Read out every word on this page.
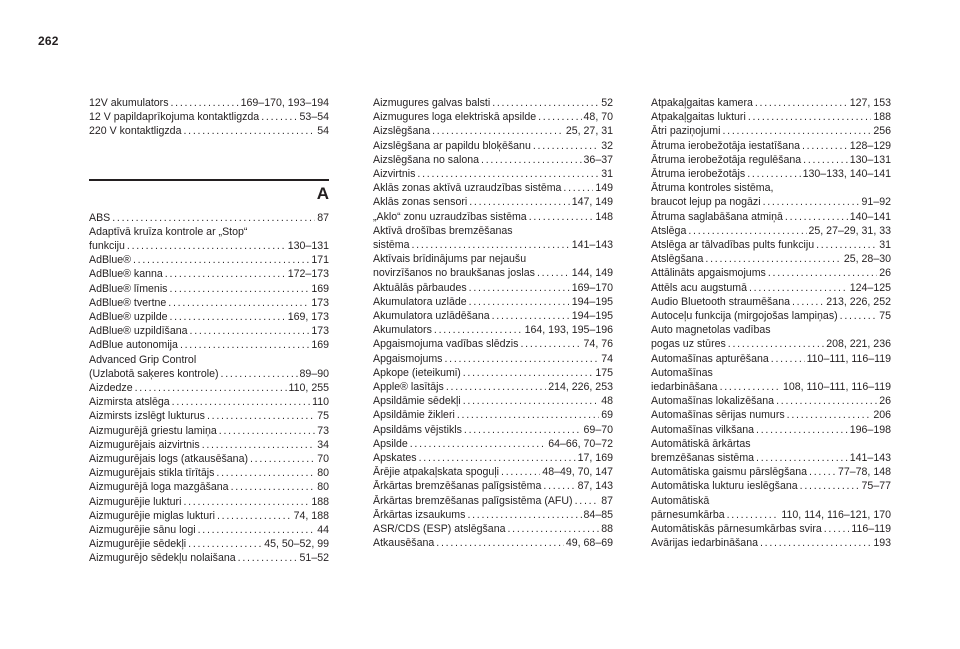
262
12V akumulators . . .	169–170, 193–194
12 V papildaprīkojuma kontaktligzda . . .	53–54
220 V kontaktligzda . . .	54
A
ABS . . .	87
Adaptīvā kruīza kontrole ar „Stop“
funkciju . . .	130–131
AdBlue® . . .	171
AdBlue® kanna . . .	172–173
AdBlue® līmenis . . .	169
AdBlue® tvertne . . .	173
AdBlue® uzpilde . . .	169, 173
AdBlue® uzpildīšana . . .	173
AdBlue autonomija . . .	169
Advanced Grip Control
(Uzlabotā saķeres kontrole) . . .	89–90
Aizdedze . . .	110, 255
Aizmirsta atslēga . . .	110
Aizmirsts izslēgt lukturus . . .	75
Aizmugurējā griestu lamiņa . . .	73
Aizmugurējais aizvirtnis . . .	34
Aizmugurējais logs (atkausēšana) . . .	70
Aizmugurējais stikla tīrītājs . . .	80
Aizmugurējā loga mazgāšana . . .	80
Aizmugurējie lukturi . . .	188
Aizmugurējie miglas lukturi . . .	74, 188
Aizmugurējie sānu logi . . .	44
Aizmugurējie sēdekļi . . .	45, 50–52, 99
Aizmugurējo sēdekļu nolaišana . . .	51–52
Aizmugures galvas balsti . . .	52
Aizmugures loga elektriskā apsilde . . .	48, 70
Aizslēgšana . . .	25, 27, 31
Aizslēgšana ar papildu bloķēšanu . . .	32
Aizslēgšana no salona . . .	36–37
Aizvirtnis . . .	31
Aklās zonas aktīvā uzraudzības sistēma . . .	149
Aklās zonas sensori . . .	147, 149
„Aklo“ zonu uzraudzības sistēma . . .	148
Aktīvā drošības bremzēšanas
sistēma . . .	141–143
Aktīvais brīdinājums par nejaušu
novirzīšanos no braukšanas joslas . . .	144, 149
Aktuālās pārbaudes . . .	169–170
Akumulatora uzlāde . . .	194–195
Akumulatora uzlādēšana . . .	194–195
Akumulators . . .	164, 193, 195–196
Apgaismojuma vadības slēdzis . . .	74, 76
Apgaismojums . . .	74
Apkope (ieteikumi) . . .	175
Apple® lasītājs . . .	214, 226, 253
Apsildāmie sēdekļi . . .	48
Apsildāmie žikleri . . .	69
Apsildāms vējstikls . . .	69–70
Apsilde . . .	64–66, 70–72
Apskates . . .	17, 169
Ārējie atpakaļskata spoguļi . . .	48–49, 70, 147
Ārkārtas bremzēšanas palīgsistēma . . .	87, 143
Ārkārtas bremzēšanas palīgsistēma (AFU) . . .	87
Ārkārtas izsaukums . . .	84–85
ASR/CDS (ESP) atslēgšana . . .	88
Atkausēšana . . .	49, 68–69
Atpakaļgaitas kamera . . .	127, 153
Atpakaļgaitas lukturi . . .	188
Ātri paziņojumi . . .	256
Ātruma ierobežotāja iestatīšana . . .	128–129
Ātruma ierobežotāja regulēšana . . .	130–131
Ātruma ierobežotājs . . .	130–133, 140–141
Ātruma kontroles sistēma,
braucot lejup pa nogāzi . . .	91–92
Ātruma saglabāšana atmiņā . . .	140–141
Atslēga . . .	25, 27–29, 31, 33
Atslēga ar tālvadības pults funkciju . . .	31
Atslēgšana . . .	25, 28–30
Attālināts apgaismojums . . .	26
Attēls acu augstumā . . .	124–125
Audio Bluetooth straumēšana . . .	213, 226, 252
Autoceļu funkcija (mirgojošas lampiņas) . . .	75
Auto magnetolas vadības
pogas uz stūres . . .	208, 221, 236
Automašīnas apturēšana . . .	110–111, 116–119
Automašīnas
iedarbināšana . . .	108, 110–111, 116–119
Automašīnas lokalizēšana . . .	26
Automašīnas sērijas numurs . . .	206
Automašīnas vilkšana . . .	196–198
Automātiskā ārkārtas
bremzēšanas sistēma . . .	141–143
Automātiska gaismu pārslēgšana . . .	77–78, 148
Automātiska lukturu ieslēgšana . . .	75–77
Automātiskā
pārnesumkārba . . .	110, 114, 116–121, 170
Automātiskās pārnesumkārbas svira . . .	116–119
Avārijas iedarbināšana . . .	193
